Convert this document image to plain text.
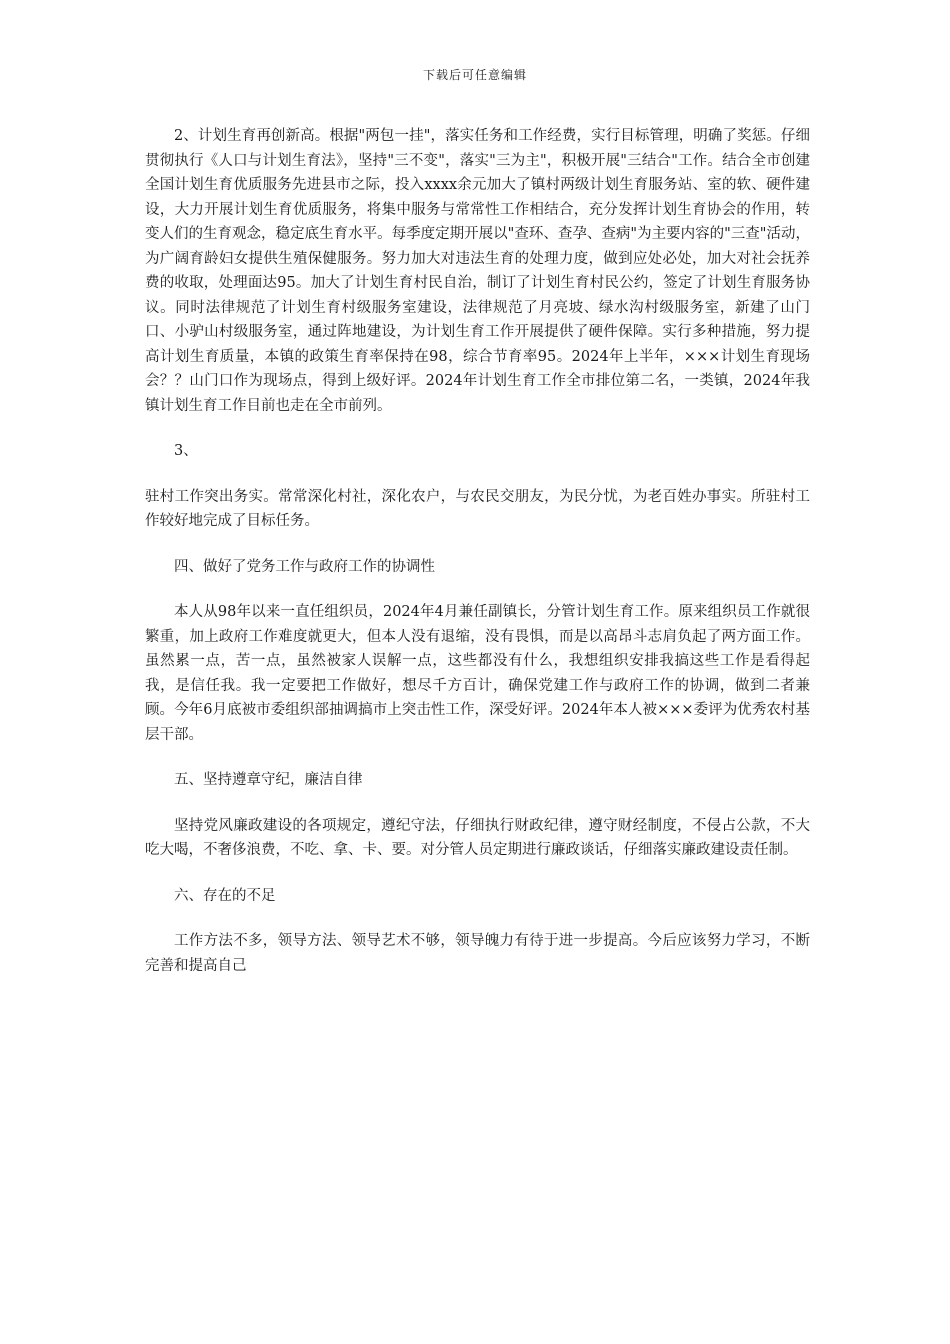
下载后可任意编辑

2、计划生育再创新高。根据"两包一挂"，落实任务和工作经费，实行目标管理，明确了奖惩。仔细贯彻执行《人口与计划生育法》，坚持"三不变"，落实"三为主"，积极开展"三结合"工作。结合全市创建全国计划生育优质服务先进县市之际，投入xxxx余元加大了镇村两级计划生育服务站、室的软、硬件建设，大力开展计划生育优质服务，将集中服务与常常性工作相结合，充分发挥计划生育协会的作用，转变人们的生育观念，稳定底生育水平。每季度定期开展以"查环、查孕、查病"为主要内容的"三查"活动，为广阔育龄妇女提供生殖保健服务。努力加大对违法生育的处理力度，做到应处必处，加大对社会抚养费的收取，处理面达95。加大了计划生育村民自治，制订了计划生育村民公约，签定了计划生育服务协议。同时法律规范了计划生育村级服务室建设，法律规范了月亮坡、绿水沟村级服务室，新建了山门口、小驴山村级服务室，通过阵地建设，为计划生育工作开展提供了硬件保障。实行多种措施，努力提高计划生育质量，本镇的政策生育率保持在98，综合节育率95。2024年上半年，×××计划生育现场会？？山门口作为现场点，得到上级好评。2024年计划生育工作全市排位第二名，一类镇，2024年我镇计划生育工作目前也走在全市前列。

3、

驻村工作突出务实。常常深化村社，深化农户，与农民交朋友，为民分忧，为老百姓办事实。所驻村工作较好地完成了目标任务。

四、做好了党务工作与政府工作的协调性

本人从98年以来一直任组织员，2024年4月兼任副镇长，分管计划生育工作。原来组织员工作就很繁重，加上政府工作难度就更大，但本人没有退缩，没有畏惧，而是以高昂斗志肩负起了两方面工作。虽然累一点，苦一点，虽然被家人误解一点，这些都没有什么，我想组织安排我搞这些工作是看得起我，是信任我。我一定要把工作做好，想尽千方百计，确保党建工作与政府工作的协调，做到二者兼顾。今年6月底被市委组织部抽调搞市上突击性工作，深受好评。2024年本人被×××委评为优秀农村基层干部。

五、坚持遵章守纪，廉洁自律

坚持党风廉政建设的各项规定，遵纪守法，仔细执行财政纪律，遵守财经制度，不侵占公款，不大吃大喝，不奢侈浪费，不吃、拿、卡、要。对分管人员定期进行廉政谈话，仔细落实廉政建设责任制。

六、存在的不足

工作方法不多，领导方法、领导艺术不够，领导魄力有待于进一步提高。今后应该努力学习，不断完善和提高自己
